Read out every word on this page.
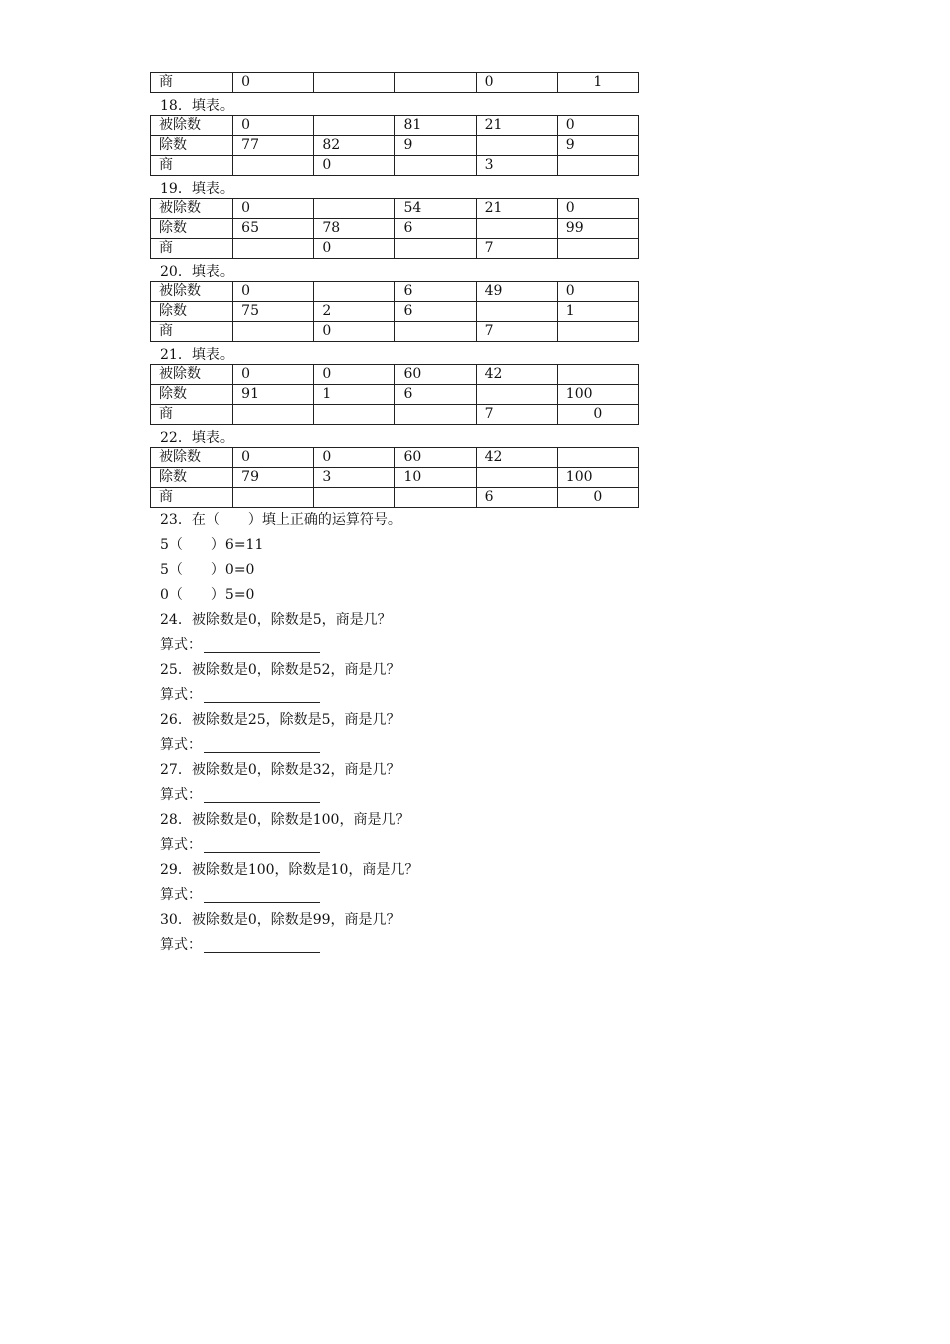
商	0			0	1
18．填表。
被除数	0		81	21	0
除数	77	82	9		9
商		0		3	
19．填表。
被除数	0		54	21	0
除数	65	78	6		99
商		0		7	
20．填表。
被除数	0		6	49	0
除数	75	2	6		1
商		0		7	
21．填表。
被除数	0	0	60	42	
除数	91	1	6		100
商				7	0
22．填表。
被除数	0	0	60	42	
除数	79	3	10		100
商				6	0
23．在（　　）填上正确的运算符号。
5（　　）6=11
5（　　）0=0
0（　　）5=0
24．被除数是0，除数是5，商是几？
算式：
25．被除数是0，除数是52，商是几？
算式：
26．被除数是25，除数是5，商是几？
算式：
27．被除数是0，除数是32，商是几？
算式：
28．被除数是0，除数是100，商是几？
算式：
29．被除数是100，除数是10，商是几？
算式：
30．被除数是0，除数是99，商是几？
算式：
